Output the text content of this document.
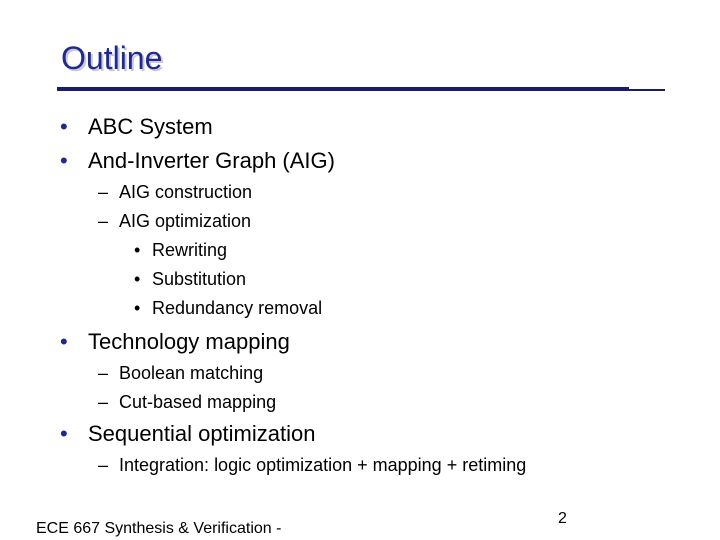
Outline
• ABC System
• And-Inverter Graph (AIG)
– AIG construction
– AIG optimization
• Rewriting
• Substitution
• Redundancy removal
• Technology mapping
– Boolean matching
– Cut-based mapping
• Sequential optimization
– Integration: logic optimization + mapping + retiming
ECE 667 Synthesis & Verification -
2
